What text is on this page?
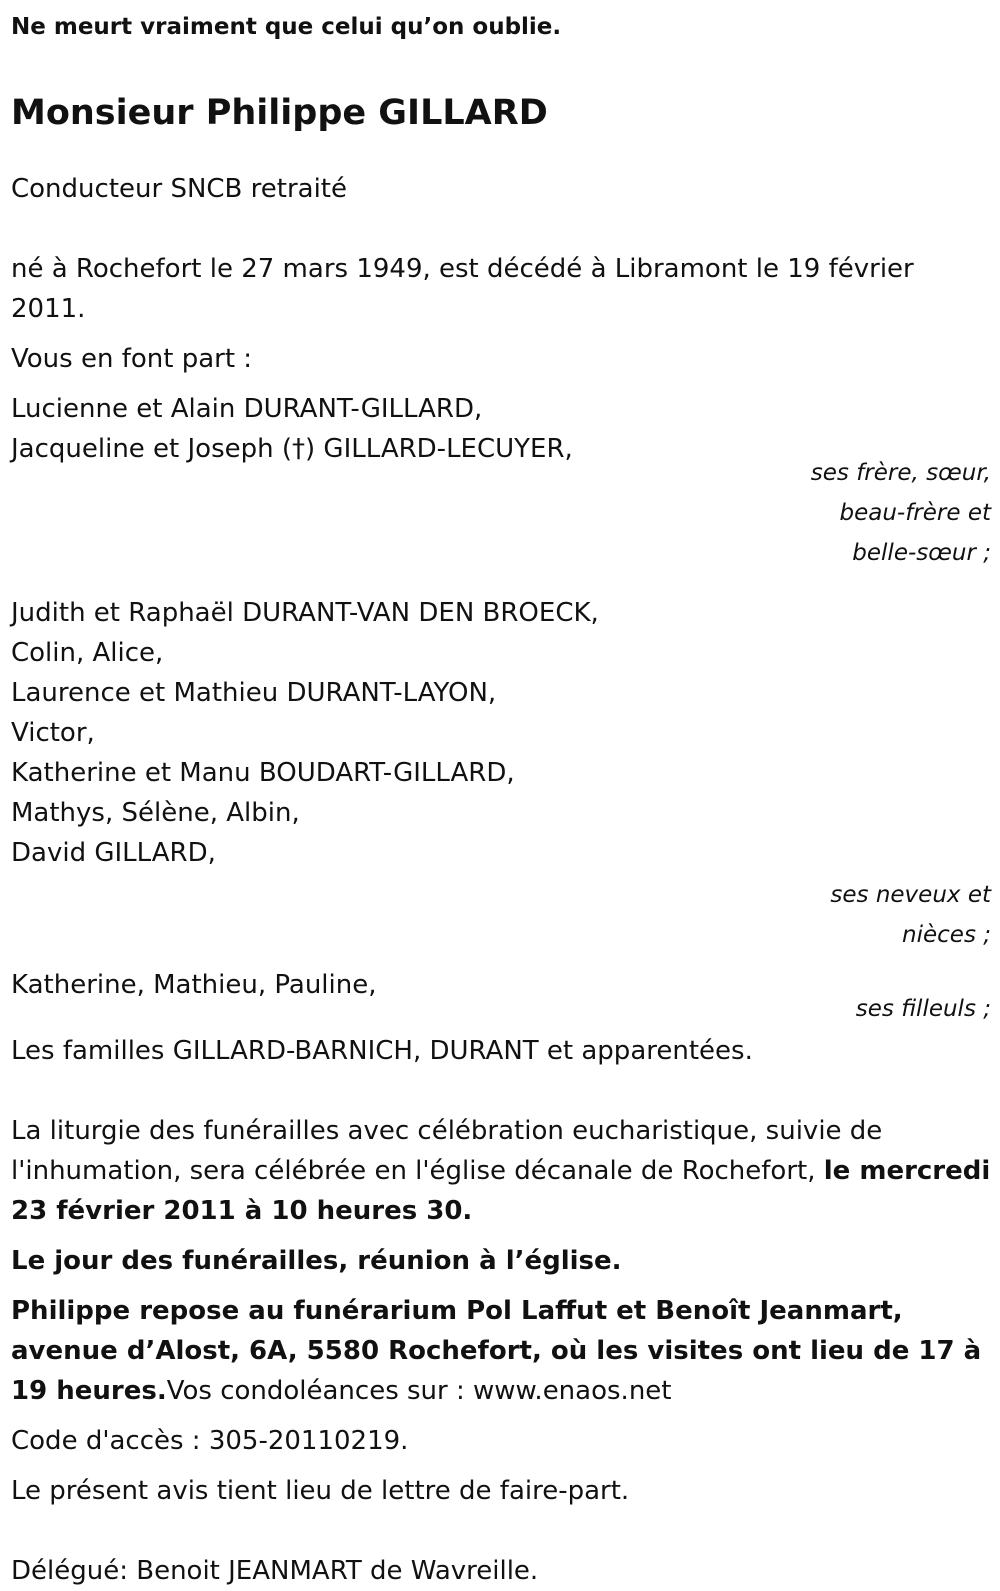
Ne meurt vraiment que celui qu’on oublie.
Monsieur Philippe GILLARD
Conducteur SNCB retraité
né à Rochefort le 27 mars 1949, est décédé à Libramont le 19 février 2011.
Vous en font part :
Lucienne et Alain DURANT-GILLARD,
Jacqueline et Joseph (†) GILLARD-LECUYER,
ses frère, sœur,
beau-frère et
belle-sœur ;
Judith et Raphaël DURANT-VAN DEN BROECK,
Colin, Alice,
Laurence et Mathieu DURANT-LAYON,
Victor,
Katherine et Manu BOUDART-GILLARD,
Mathys, Sélène, Albin,
David GILLARD,
ses neveux et
nièces ;
Katherine, Mathieu, Pauline,
ses filleuls ;
Les familles GILLARD-BARNICH, DURANT et apparentées.
La liturgie des funérailles avec célébration eucharistique, suivie de l'inhumation, sera célébrée en l'église décanale de Rochefort, le mercredi 23 février 2011 à 10 heures 30.
Le jour des funérailles, réunion à l’église.
Philippe repose au funérarium Pol Laffut et Benoît Jeanmart, avenue d’Alost, 6A, 5580 Rochefort, où les visites ont lieu de 17 à 19 heures.Vos condoléances sur : www.enaos.net
Code d'accès : 305-20110219.
Le présent avis tient lieu de lettre de faire-part.
Délégué: Benoit JEANMART de Wavreille.
